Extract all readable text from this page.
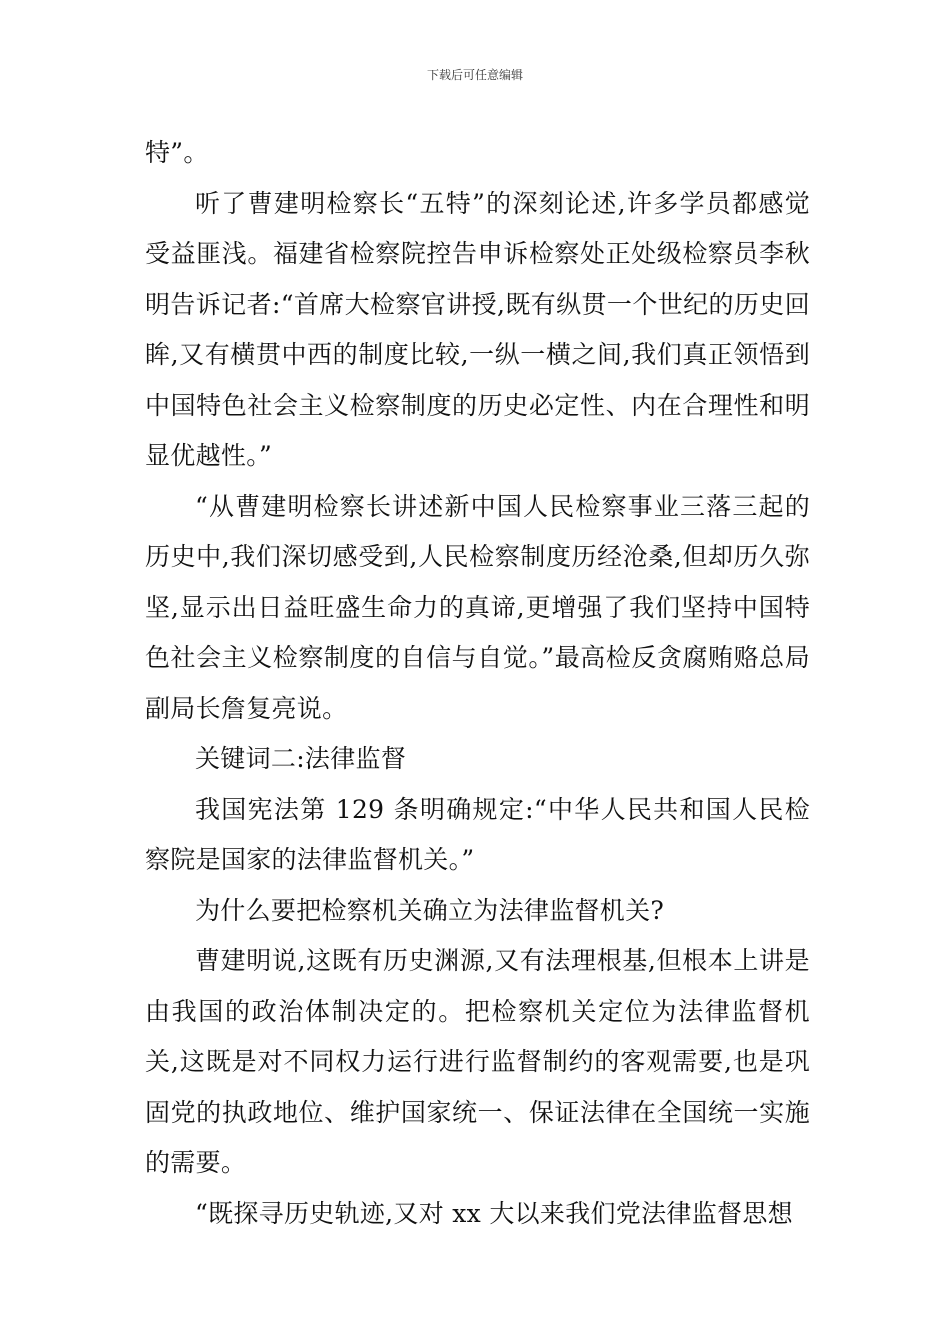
下载后可任意编辑

特”。

听了曹建明检察长“五特”的深刻论述,许多学员都感觉受益匪浅。福建省检察院控告申诉检察处正处级检察员李秋明告诉记者:“首席大检察官讲授,既有纵贯一个世纪的历史回眸,又有横贯中西的制度比较,一纵一横之间,我们真正领悟到中国特色社会主义检察制度的历史必定性、内在合理性和明显优越性。”

“从曹建明检察长讲述新中国人民检察事业三落三起的历史中,我们深切感受到,人民检察制度历经沧桑,但却历久弥坚,显示出日益旺盛生命力的真谛,更增强了我们坚持中国特色社会主义检察制度的自信与自觉。”最高检反贪腐贿赂总局副局长詹复亮说。

关键词二:法律监督

我国宪法第 129 条明确规定:“中华人民共和国人民检察院是国家的法律监督机关。”

为什么要把检察机关确立为法律监督机关?

曹建明说,这既有历史渊源,又有法理根基,但根本上讲是由我国的政治体制决定的。把检察机关定位为法律监督机关,这既是对不同权力运行进行监督制约的客观需要,也是巩固党的执政地位、维护国家统一、保证法律在全国统一实施的需要。

“既探寻历史轨迹,又对 xx 大以来我们党法律监督思想
